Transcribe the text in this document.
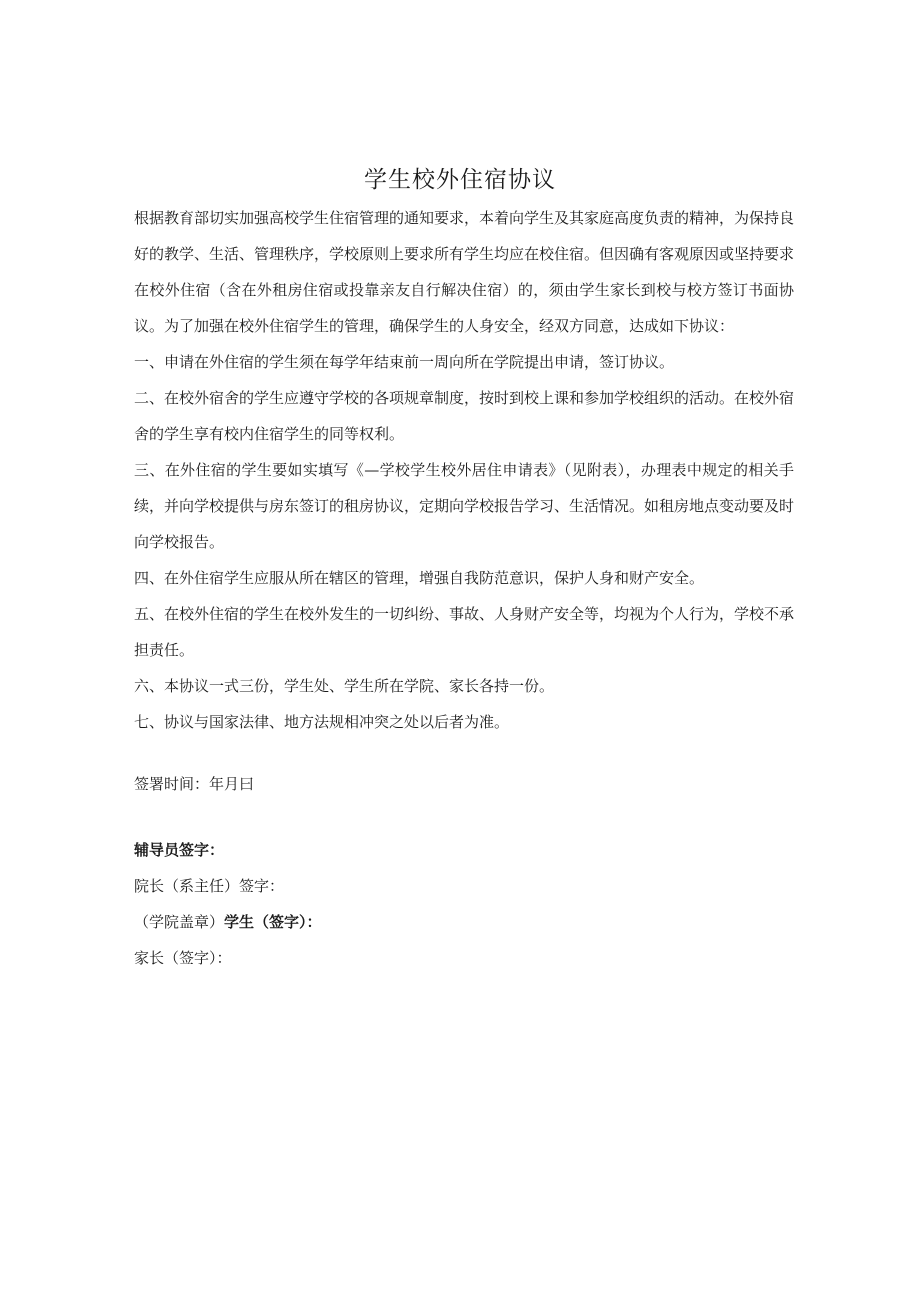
学生校外住宿协议

根据教育部切实加强高校学生住宿管理的通知要求，本着向学生及其家庭高度负责的精神，为保持良好的教学、生活、管理秩序，学校原则上要求所有学生均应在校住宿。但因确有客观原因或坚持要求在校外住宿（含在外租房住宿或投靠亲友自行解决住宿）的，须由学生家长到校与校方签订书面协议。为了加强在校外住宿学生的管理，确保学生的人身安全，经双方同意，达成如下协议：

一、申请在外住宿的学生须在每学年结束前一周向所在学院提出申请，签订协议。

二、在校外宿舍的学生应遵守学校的各项规章制度，按时到校上课和参加学校组织的活动。在校外宿舍的学生享有校内住宿学生的同等权利。

三、在外住宿的学生要如实填写《—学校学生校外居住申请表》（见附表），办理表中规定的相关手续，并向学校提供与房东签订的租房协议，定期向学校报告学习、生活情况。如租房地点变动要及时向学校报告。

四、在外住宿学生应服从所在辖区的管理，增强自我防范意识，保护人身和财产安全。

五、在校外住宿的学生在校外发生的一切纠纷、事故、人身财产安全等，均视为个人行为，学校不承担责任。

六、本协议一式三份，学生处、学生所在学院、家长各持一份。

七、协议与国家法律、地方法规相冲突之处以后者为准。

签署时间：年月曰

辅导员签字：

院长（系主任）签字：

（学院盖章）学生（签字）：

家长（签字）：
